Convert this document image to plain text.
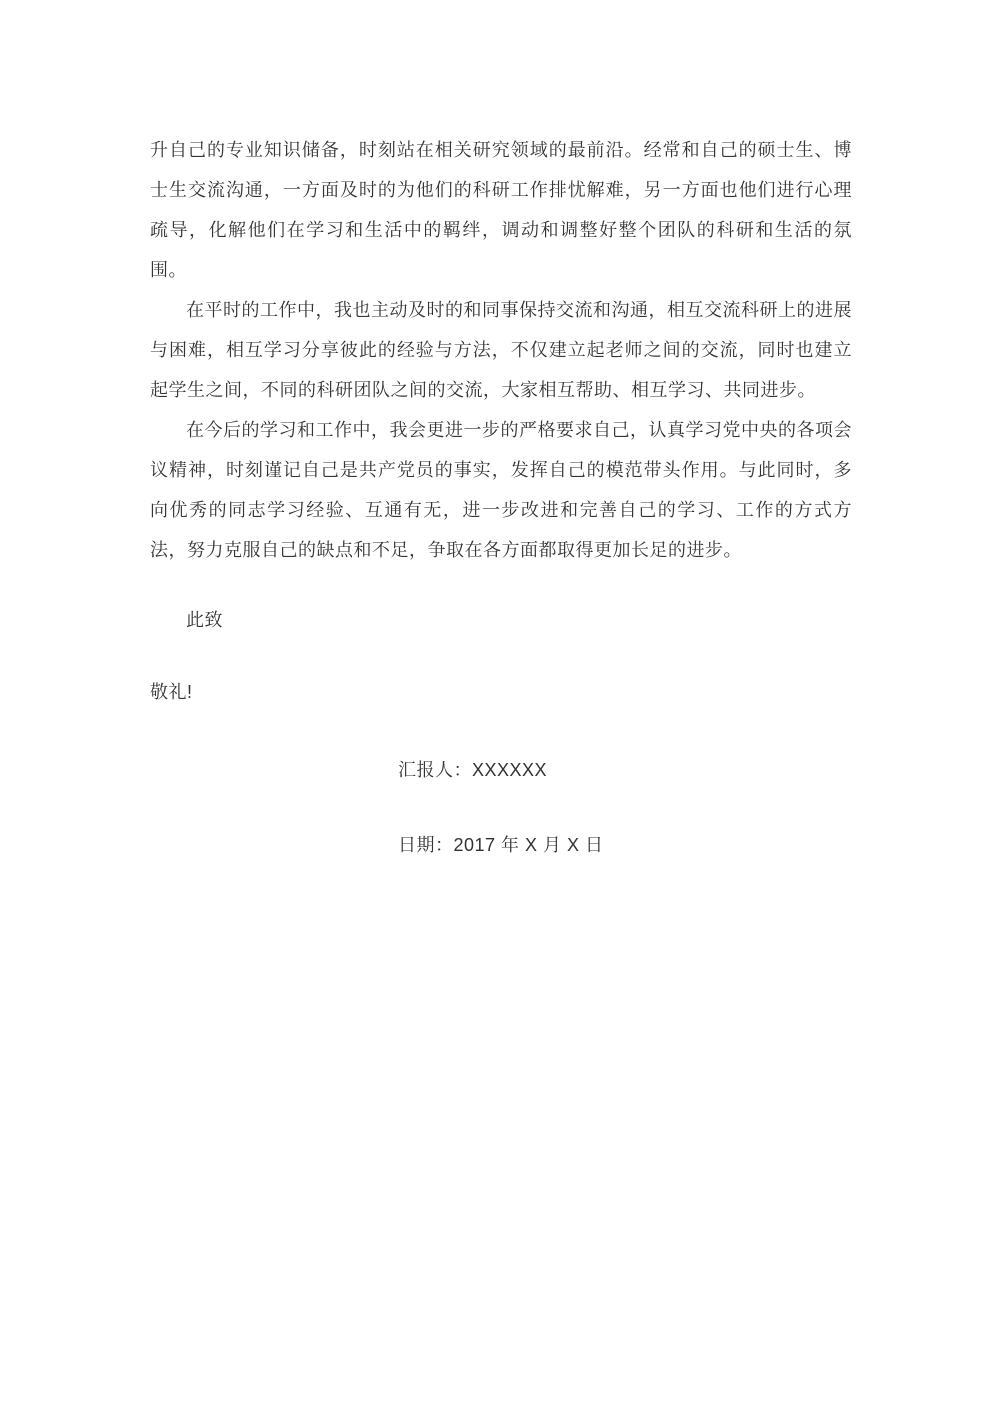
升自己的专业知识储备，时刻站在相关研究领域的最前沿。经常和自己的硕士生、博士生交流沟通，一方面及时的为他们的科研工作排忧解难，另一方面也他们进行心理疏导，化解他们在学习和生活中的羁绊，调动和调整好整个团队的科研和生活的氛围。

在平时的工作中，我也主动及时的和同事保持交流和沟通，相互交流科研上的进展与困难，相互学习分享彼此的经验与方法，不仅建立起老师之间的交流，同时也建立起学生之间，不同的科研团队之间的交流，大家相互帮助、相互学习、共同进步。

在今后的学习和工作中，我会更进一步的严格要求自己，认真学习党中央的各项会议精神，时刻谨记自己是共产党员的事实，发挥自己的模范带头作用。与此同时，多向优秀的同志学习经验、互通有无，进一步改进和完善自己的学习、工作的方式方法，努力克服自己的缺点和不足，争取在各方面都取得更加长足的进步。

此致

敬礼!

汇报人：XXXXXX

日期：2017 年 X 月 X 日
